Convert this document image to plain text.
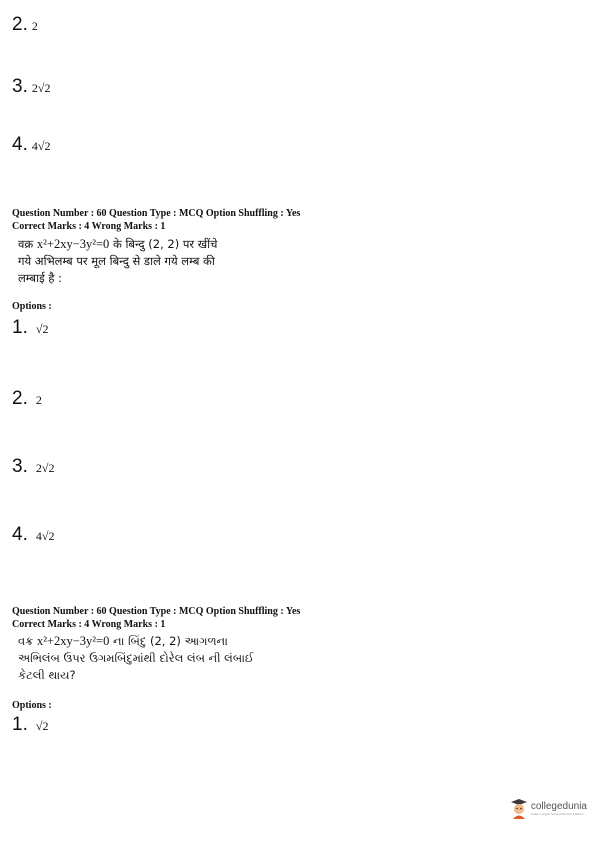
2. 2
3. 2√2
4. 4√2
Question Number : 60 Question Type : MCQ Option Shuffling : Yes
Correct Marks : 4 Wrong Marks : 1
वक्र x²+2xy−3y²=0 के बिन्दु (2, 2) पर खींचे
गये अभिलम्ब पर मूल बिन्दु से डाले गये लम्ब की
लम्बाई है :
Options :
1. √2
2. 2
3. 2√2
4. 4√2
Question Number : 60 Question Type : MCQ Option Shuffling : Yes
Correct Marks : 4 Wrong Marks : 1
વક્ર x²+2xy−3y²=0 ના બિંદુ (2, 2) આગળના
અભિલંબ ઉપર ઉગમબિંદુમાંથી દોરેલ લંબ ની લંબાઈ
કેટલી થાય?
Options :
1. √2
collegedunia
India's Largest Student Review Platform
